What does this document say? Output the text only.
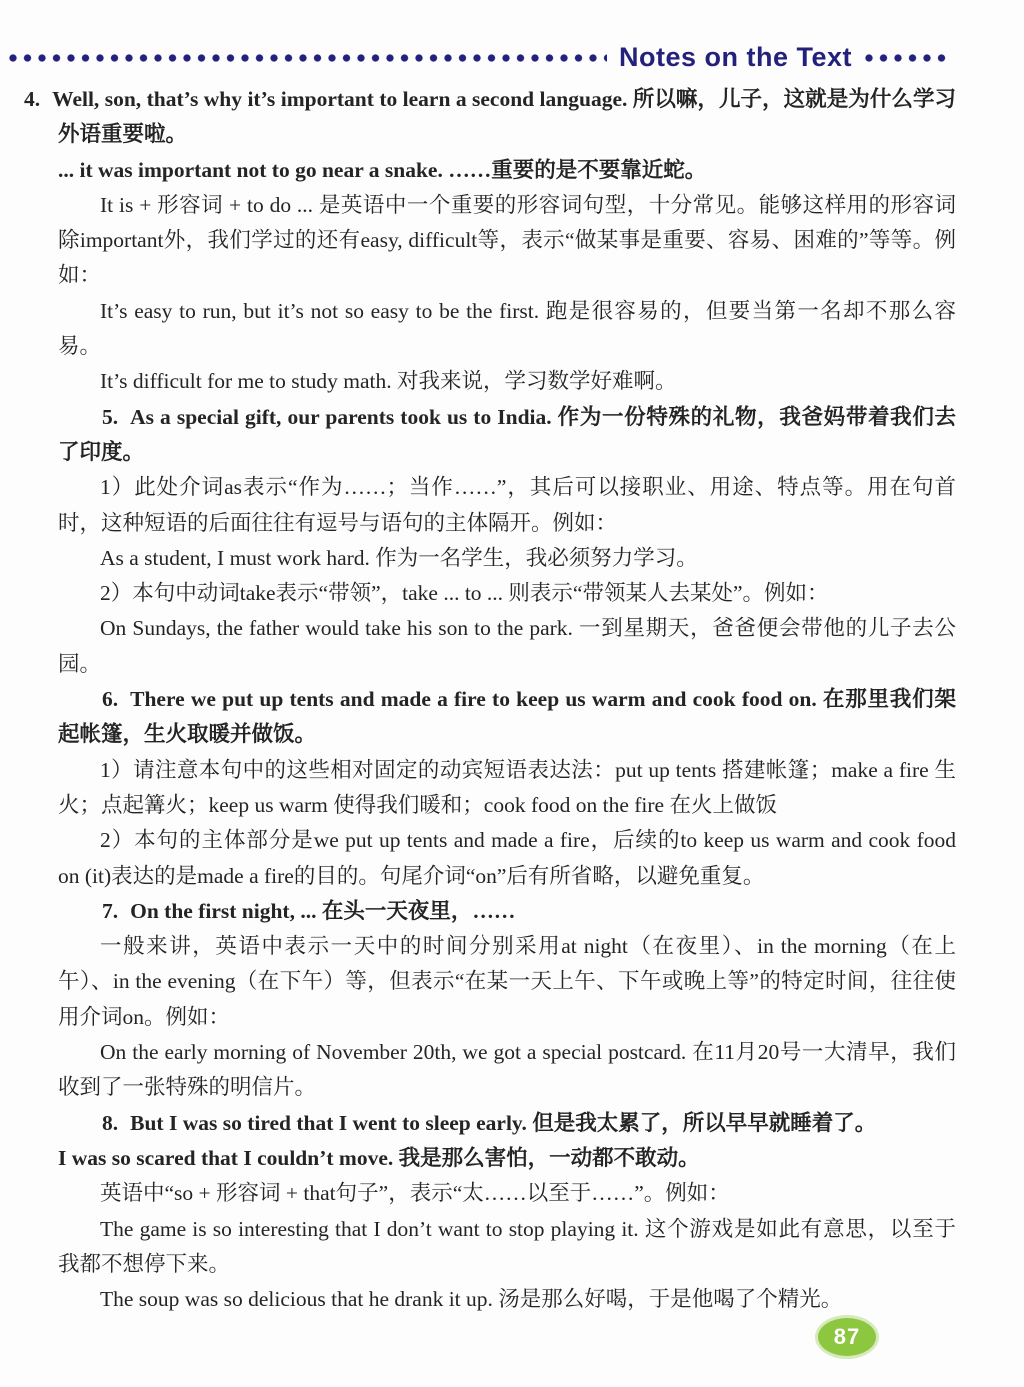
Notes on the Text

4. Well, son, that’s why it’s important to learn a second language. 所以嘛，儿子，这就是为什么学习外语重要啦。

... it was important not to go near a snake. ……重要的是不要靠近蛇。

It is + 形容词 + to do ... 是英语中一个重要的形容词句型，十分常见。能够这样用的形容词除important外，我们学过的还有easy, difficult等，表示“做某事是重要、容易、困难的”等等。例如：

It’s easy to run, but it’s not so easy to be the first. 跑是很容易的，但要当第一名却不那么容易。

It’s difficult for me to study math. 对我来说，学习数学好难啊。

5. As a special gift, our parents took us to India. 作为一份特殊的礼物，我爸妈带着我们去了印度。

1）此处介词as表示“作为……；当作……”，其后可以接职业、用途、特点等。用在句首时，这种短语的后面往往有逗号与语句的主体隔开。例如：

As a student, I must work hard. 作为一名学生，我必须努力学习。

2）本句中动词take表示“带领”，take ... to ... 则表示“带领某人去某处”。例如：

On Sundays, the father would take his son to the park. 一到星期天，爸爸便会带他的儿子去公园。

6. There we put up tents and made a fire to keep us warm and cook food on. 在那里我们架起帐篷，生火取暖并做饭。

1）请注意本句中的这些相对固定的动宾短语表达法：put up tents 搭建帐篷；make a fire 生火；点起篝火；keep us warm 使得我们暖和；cook food on the fire 在火上做饭

2）本句的主体部分是we put up tents and made a fire，后续的to keep us warm and cook food on (it)表达的是made a fire的目的。句尾介词“on”后有所省略，以避免重复。

7. On the first night, ... 在头一天夜里，……

一般来讲，英语中表示一天中的时间分别采用at night（在夜里）、in the morning（在上午）、in the evening（在下午）等，但表示“在某一天上午、下午或晚上等”的特定时间，往往使用介词on。例如：

On the early morning of November 20th, we got a special postcard. 在11月20号一大清早，我们收到了一张特殊的明信片。

8. But I was so tired that I went to sleep early. 但是我太累了，所以早早就睡着了。

I was so scared that I couldn’t move. 我是那么害怕，一动都不敢动。

英语中“so + 形容词 + that句子”，表示“太……以至于……”。例如：

The game is so interesting that I don’t want to stop playing it. 这个游戏是如此有意思，以至于我都不想停下来。

The soup was so delicious that he drank it up. 汤是那么好喝，于是他喝了个精光。

87
